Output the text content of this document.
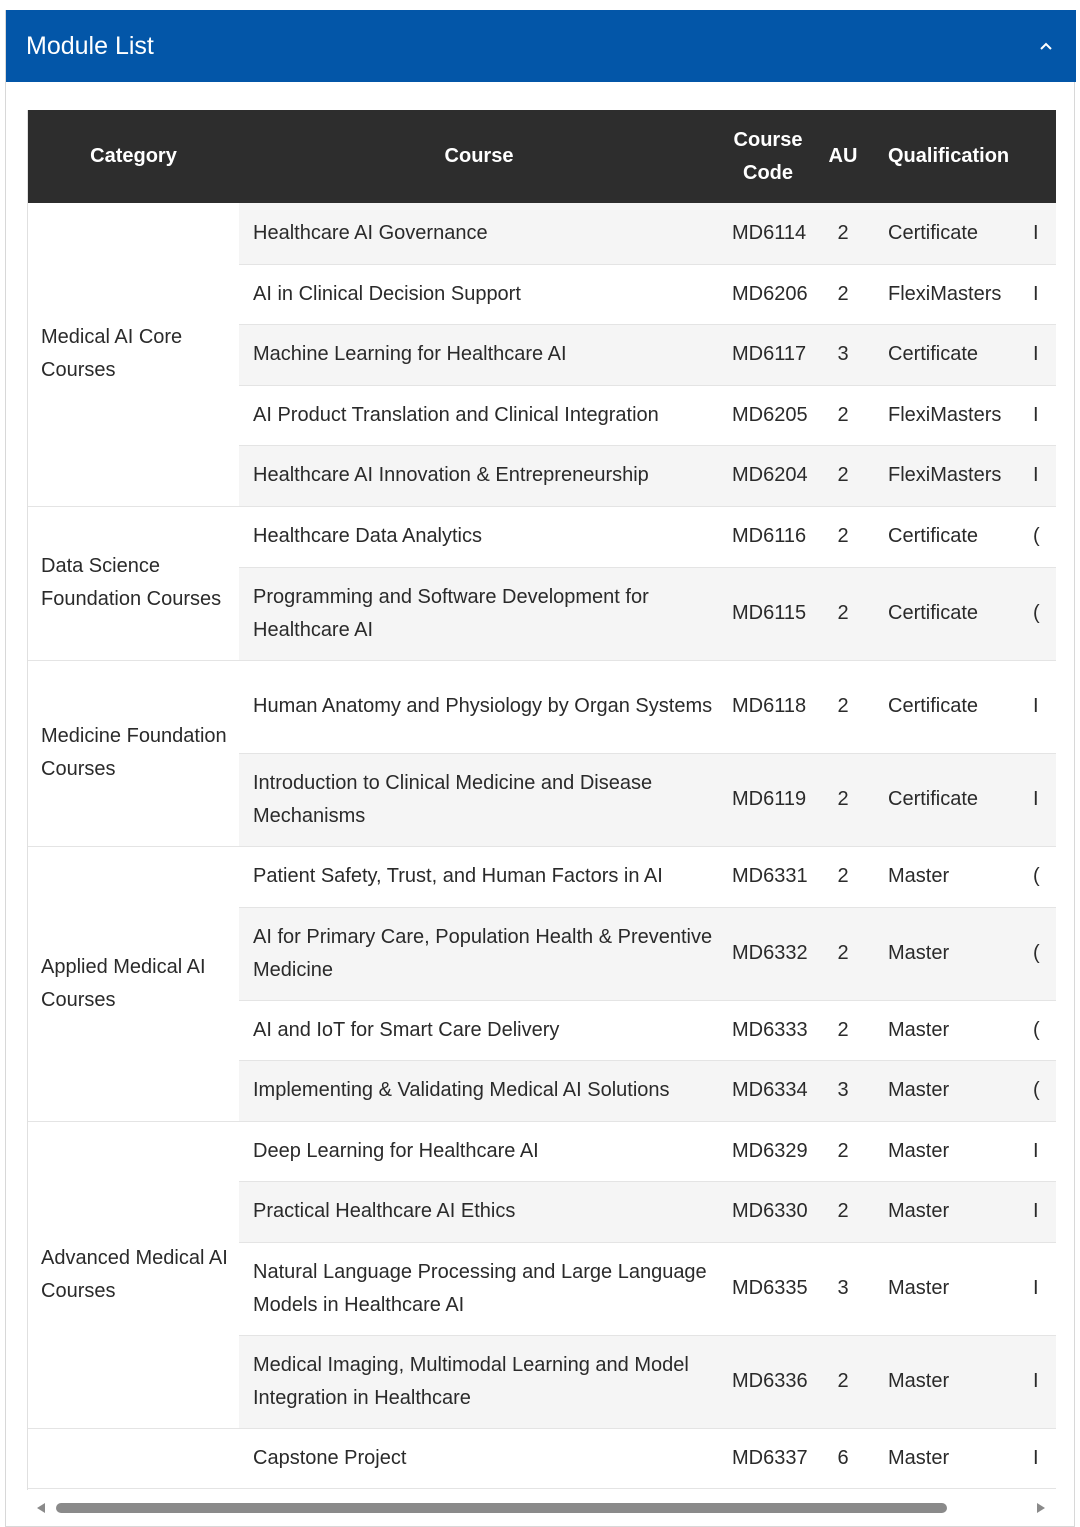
Module List
Category	Course	Course Code	AU	Qualification	
Medical AI Core Courses	Healthcare AI Governance	MD6114	2	Certificate	I
	AI in Clinical Decision Support	MD6206	2	FlexiMasters	I
	Machine Learning for Healthcare AI	MD6117	3	Certificate	I
	AI Product Translation and Clinical Integration	MD6205	2	FlexiMasters	I
	Healthcare AI Innovation & Entrepreneurship	MD6204	2	FlexiMasters	I
Data Science Foundation Courses	Healthcare Data Analytics	MD6116	2	Certificate	(
	Programming and Software Development for Healthcare AI	MD6115	2	Certificate	(
Medicine Foundation Courses	Human Anatomy and Physiology by Organ Systems	MD6118	2	Certificate	I
	Introduction to Clinical Medicine and Disease Mechanisms	MD6119	2	Certificate	I
Applied Medical AI Courses	Patient Safety, Trust, and Human Factors in AI	MD6331	2	Master	(
	AI for Primary Care, Population Health & Preventive Medicine	MD6332	2	Master	(
	AI and IoT for Smart Care Delivery	MD6333	2	Master	(
	Implementing & Validating Medical AI Solutions	MD6334	3	Master	(
Advanced Medical AI Courses	Deep Learning for Healthcare AI	MD6329	2	Master	I
	Practical Healthcare AI Ethics	MD6330	2	Master	I
	Natural Language Processing and Large Language Models in Healthcare AI	MD6335	3	Master	I
	Medical Imaging, Multimodal Learning and Model Integration in Healthcare	MD6336	2	Master	I
	Capstone Project	MD6337	6	Master	I
